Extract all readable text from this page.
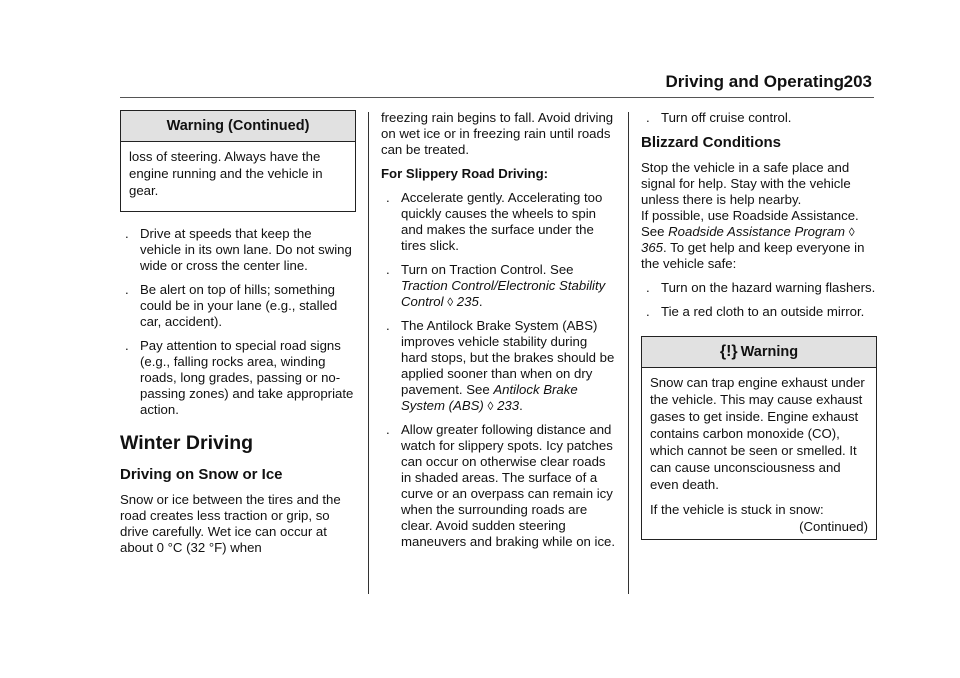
Driving and Operating 203
Warning (Continued)

loss of steering. Always have the engine running and the vehicle in gear.

. Drive at speeds that keep the vehicle in its own lane. Do not swing wide or cross the center line.
. Be alert on top of hills; something could be in your lane (e.g., stalled car, accident).
. Pay attention to special road signs (e.g., falling rocks area, winding roads, long grades, passing or no-passing zones) and take appropriate action.
Winter Driving
Driving on Snow or Ice

Snow or ice between the tires and the road creates less traction or grip, so drive carefully. Wet ice can occur at about 0 °C (32 °F) when

freezing rain begins to fall. Avoid driving on wet ice or in freezing rain until roads can be treated.

For Slippery Road Driving:
. Accelerate gently. Accelerating too quickly causes the wheels to spin and makes the surface under the tires slick.
. Turn on Traction Control. See Traction Control/Electronic Stability Control ◊ 235.
. The Antilock Brake System (ABS) improves vehicle stability during hard stops, but the brakes should be applied sooner than when on dry pavement. See Antilock Brake System (ABS) ◊ 233.
. Allow greater following distance and watch for slippery spots. Icy patches can occur on otherwise clear roads in shaded areas. The surface of a curve or an overpass can remain icy when the surrounding roads are clear. Avoid sudden steering maneuvers and braking while on ice.
. Turn off cruise control.
Blizzard Conditions

Stop the vehicle in a safe place and signal for help. Stay with the vehicle unless there is help nearby.

If possible, use Roadside Assistance. See Roadside Assistance Program ◊ 365. To get help and keep everyone in the vehicle safe:

. Turn on the hazard warning flashers.
. Tie a red cloth to an outside mirror.
{!} Warning

Snow can trap engine exhaust under the vehicle. This may cause exhaust gases to get inside. Engine exhaust contains carbon monoxide (CO), which cannot be seen or smelled. It can cause unconsciousness and even death.

If the vehicle is stuck in snow:

(Continued)
